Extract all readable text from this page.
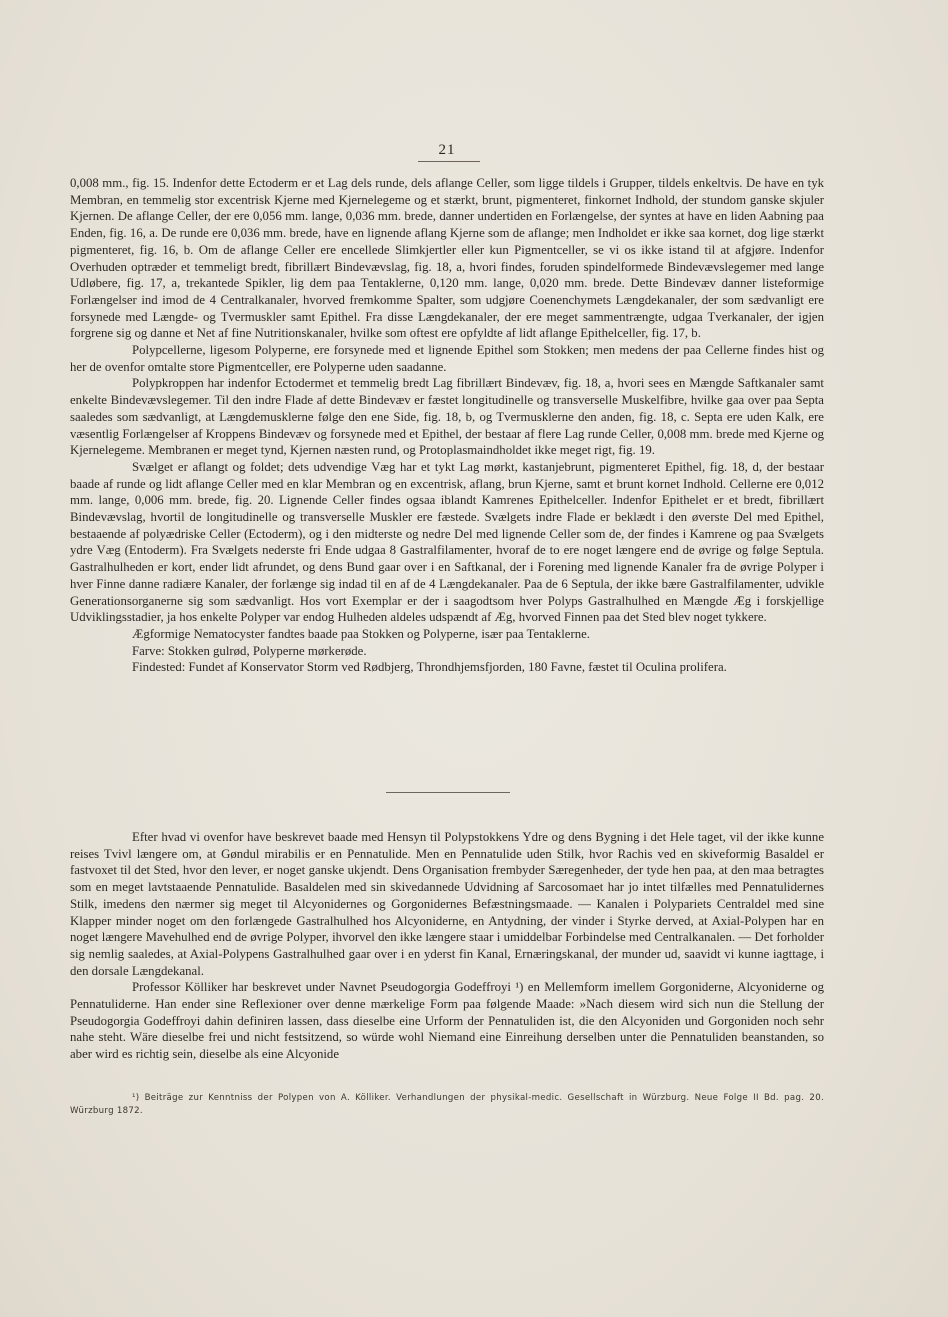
21

0,008 mm., fig. 15. Indenfor dette Ectoderm er et Lag dels runde, dels aflange Celler, som ligge tildels i Grupper, tildels enkeltvis. De have en tyk Membran, en temmelig stor excentrisk Kjerne med Kjernelegeme og et stærkt, brunt, pigmenteret, finkornet Indhold, der stundom ganske skjuler Kjernen. De aflange Celler, der ere 0,056 mm. lange, 0,036 mm. brede, danner undertiden en Forlængelse, der syntes at have en liden Aabning paa Enden, fig. 16, a. De runde ere 0,036 mm. brede, have en lignende aflang Kjerne som de aflange; men Indholdet er ikke saa kornet, dog lige stærkt pigmenteret, fig. 16, b. Om de aflange Celler ere encellede Slimkjertler eller kun Pigmentceller, se vi os ikke istand til at afgjøre. Indenfor Overhuden optræder et temmeligt bredt, fibrillært Bindevævslag, fig. 18, a, hvori findes, foruden spindelformede Bindevævslegemer med lange Udløbere, fig. 17, a, trekantede Spikler, lig dem paa Tentaklerne, 0,120 mm. lange, 0,020 mm. brede. Dette Bindevæv danner listeformige Forlængelser ind imod de 4 Centralkanaler, hvorved fremkomme Spalter, som udgjøre Coenenchymets Længdekanaler, der som sædvanligt ere forsynede med Længde- og Tvermuskler samt Epithel. Fra disse Længdekanaler, der ere meget sammentrængte, udgaa Tverkanaler, der igjen forgrene sig og danne et Net af fine Nutritionskanaler, hvilke som oftest ere opfyldte af lidt aflange Epithelceller, fig. 17, b.

Polypcellerne, ligesom Polyperne, ere forsynede med et lignende Epithel som Stokken; men medens der paa Cellerne findes hist og her de ovenfor omtalte store Pigmentceller, ere Polyperne uden saadanne.

Polypkroppen har indenfor Ectodermet et temmelig bredt Lag fibrillært Bindevæv, fig. 18, a, hvori sees en Mængde Saftkanaler samt enkelte Bindevævslegemer. Til den indre Flade af dette Bindevæv er fæstet longitudinelle og transverselle Muskelfibre, hvilke gaa over paa Septa saaledes som sædvanligt, at Længdemusklerne følge den ene Side, fig. 18, b, og Tvermusklerne den anden, fig. 18, c. Septa ere uden Kalk, ere væsentlig Forlængelser af Kroppens Bindevæv og forsynede med et Epithel, der bestaar af flere Lag runde Celler, 0,008 mm. brede med Kjerne og Kjernelegeme. Membranen er meget tynd, Kjernen næsten rund, og Protoplasmaindholdet ikke meget rigt, fig. 19.

Svælget er aflangt og foldet; dets udvendige Væg har et tykt Lag mørkt, kastanjebrunt, pigmenteret Epithel, fig. 18, d, der bestaar baade af runde og lidt aflange Celler med en klar Membran og en excentrisk, aflang, brun Kjerne, samt et brunt kornet Indhold. Cellerne ere 0,012 mm. lange, 0,006 mm. brede, fig. 20. Lignende Celler findes ogsaa iblandt Kamrenes Epithelceller. Indenfor Epithelet er et bredt, fibrillært Bindevævslag, hvortil de longitudinelle og transverselle Muskler ere fæstede. Svælgets indre Flade er beklædt i den øverste Del med Epithel, bestaaende af polyædriske Celler (Ectoderm), og i den midterste og nedre Del med lignende Celler som de, der findes i Kamrene og paa Svælgets ydre Væg (Entoderm). Fra Svælgets nederste fri Ende udgaa 8 Gastralfilamenter, hvoraf de to ere noget længere end de øvrige og følge Septula. Gastralhulheden er kort, ender lidt afrundet, og dens Bund gaar over i en Saftkanal, der i Forening med lignende Kanaler fra de øvrige Polyper i hver Finne danne radiære Kanaler, der forlænge sig indad til en af de 4 Længdekanaler. Paa de 6 Septula, der ikke bære Gastralfilamenter, udvikle Generationsorganerne sig som sædvanligt. Hos vort Exemplar er der i saagodtsom hver Polyps Gastralhulhed en Mængde Æg i forskjellige Udviklingsstadier, ja hos enkelte Polyper var endog Hulheden aldeles udspændt af Æg, hvorved Finnen paa det Sted blev noget tykkere.

Ægformige Nematocyster fandtes baade paa Stokken og Polyperne, især paa Tentaklerne.

Farve: Stokken gulrød, Polyperne mørkerøde.

Findested: Fundet af Konservator Storm ved Rødbjerg, Throndhjemsfjorden, 180 Favne, fæstet til Oculina prolifera.

Efter hvad vi ovenfor have beskrevet baade med Hensyn til Polypstokkens Ydre og dens Bygning i det Hele taget, vil der ikke kunne reises Tvivl længere om, at Gøndul mirabilis er en Pennatulide. Men en Pennatulide uden Stilk, hvor Rachis ved en skiveformig Basaldel er fastvoxet til det Sted, hvor den lever, er noget ganske ukjendt. Dens Organisation frembyder Særegenheder, der tyde hen paa, at den maa betragtes som en meget lavtstaaende Pennatulide. Basaldelen med sin skivedannede Udvidning af Sarcosomaet har jo intet tilfælles med Pennatulidernes Stilk, imedens den nærmer sig meget til Alcyonidernes og Gorgonidernes Befæstningsmaade. — Kanalen i Polypariets Centraldel med sine Klapper minder noget om den forlængede Gastralhulhed hos Alcyoniderne, en Antydning, der vinder i Styrke derved, at Axial-Polypen har en noget længere Mavehulhed end de øvrige Polyper, ihvorvel den ikke længere staar i umiddelbar Forbindelse med Centralkanalen. — Det forholder sig nemlig saaledes, at Axial-Polypens Gastralhulhed gaar over i en yderst fin Kanal, Ernæringskanal, der munder ud, saavidt vi kunne iagttage, i den dorsale Længdekanal.

Professor Kölliker har beskrevet under Navnet Pseudogorgia Godeffroyi ¹) en Mellemform imellem Gorgoniderne, Alcyoniderne og Pennatuliderne. Han ender sine Reflexioner over denne mærkelige Form paa følgende Maade: »Nach diesem wird sich nun die Stellung der Pseudogorgia Godeffroyi dahin definiren lassen, dass dieselbe eine Urform der Pennatuliden ist, die den Alcyoniden und Gorgoniden noch sehr nahe steht. Wäre dieselbe frei und nicht festsitzend, so würde wohl Niemand eine Einreihung derselben unter die Pennatuliden beanstanden, so aber wird es richtig sein, dieselbe als eine Alcyonide

¹) Beiträge zur Kenntniss der Polypen von A. Kölliker. Verhandlungen der physikal-medic. Gesellschaft in Würzburg. Neue Folge II Bd. pag. 20. Würzburg 1872.
